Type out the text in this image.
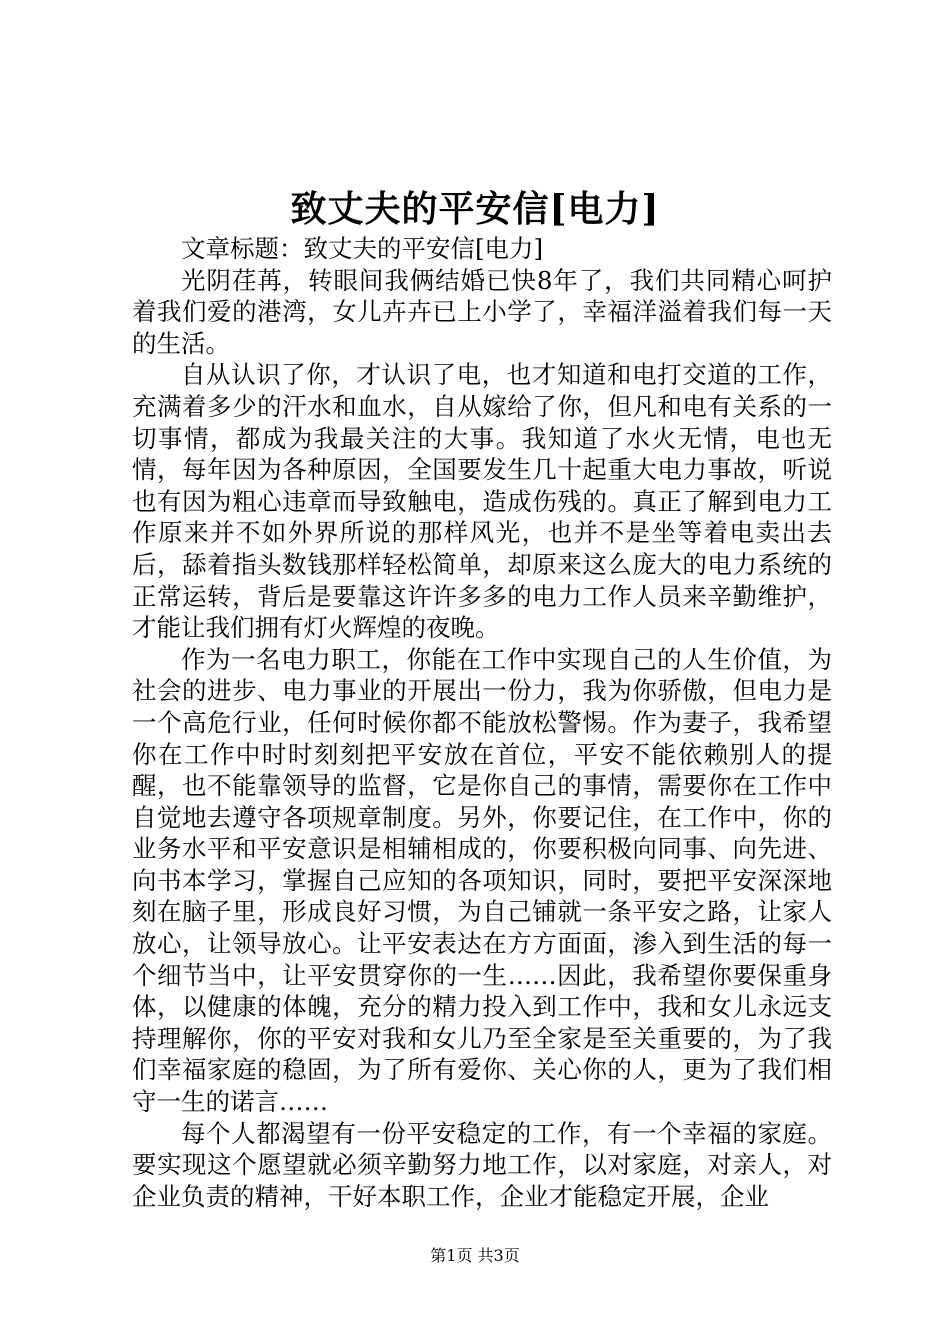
致丈夫的平安信[电力]

文章标题：致丈夫的平安信[电力]

光阴荏苒，转眼间我俩结婚已快8年了，我们共同精心呵护着我们爱的港湾，女儿卉卉已上小学了，幸福洋溢着我们每一天的生活。

自从认识了你，才认识了电，也才知道和电打交道的工作，充满着多少的汗水和血水，自从嫁给了你，但凡和电有关系的一切事情，都成为我最关注的大事。我知道了水火无情，电也无情，每年因为各种原因，全国要发生几十起重大电力事故，听说也有因为粗心违章而导致触电，造成伤残的。真正了解到电力工作原来并不如外界所说的那样风光，也并不是坐等着电卖出去后，舔着指头数钱那样轻松简单，却原来这么庞大的电力系统的正常运转，背后是要靠这许许多多的电力工作人员来辛勤维护，才能让我们拥有灯火辉煌的夜晚。

作为一名电力职工，你能在工作中实现自己的人生价值，为社会的进步、电力事业的开展出一份力，我为你骄傲，但电力是一个高危行业，任何时候你都不能放松警惕。作为妻子，我希望你在工作中时时刻刻把平安放在首位，平安不能依赖别人的提醒，也不能靠领导的监督，它是你自己的事情，需要你在工作中自觉地去遵守各项规章制度。另外，你要记住，在工作中，你的业务水平和平安意识是相辅相成的，你要积极向同事、向先进、向书本学习，掌握自己应知的各项知识，同时，要把平安深深地刻在脑子里，形成良好习惯，为自己铺就一条平安之路，让家人放心，让领导放心。让平安表达在方方面面，渗入到生活的每一个细节当中，让平安贯穿你的一生……因此，我希望你要保重身体，以健康的体魄，充分的精力投入到工作中，我和女儿永远支持理解你，你的平安对我和女儿乃至全家是至关重要的，为了我们幸福家庭的稳固，为了所有爱你、关心你的人，更为了我们相守一生的诺言……

每个人都渴望有一份平安稳定的工作，有一个幸福的家庭。要实现这个愿望就必须辛勤努力地工作，以对家庭，对亲人，对企业负责的精神，干好本职工作，企业才能稳定开展，企业

第1页 共3页
